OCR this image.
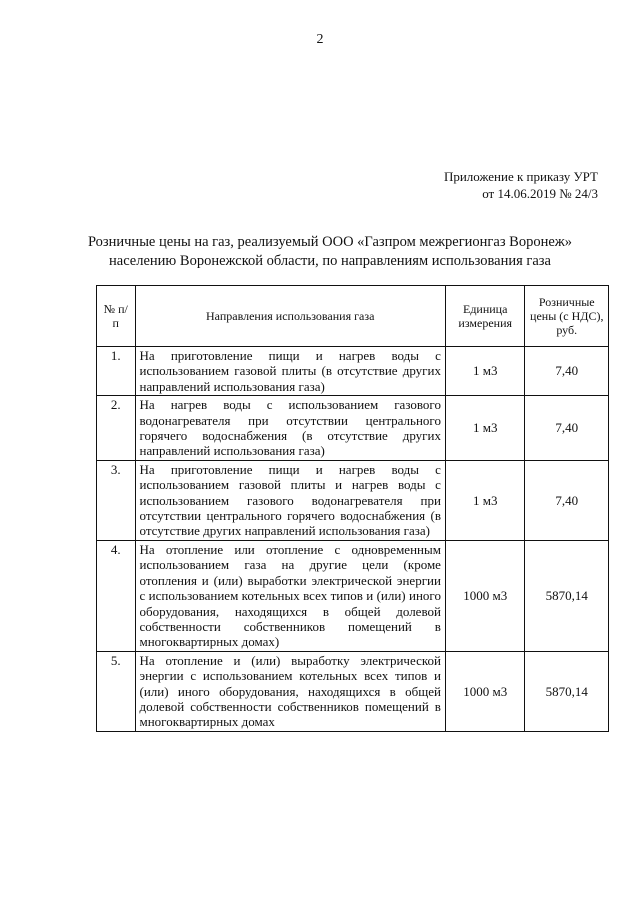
2
Приложение к приказу УРТ
от 14.06.2019 № 24/3
Розничные цены на газ, реализуемый ООО «Газпром межрегионгаз Воронеж»
населению Воронежской области, по направлениям использования газа
№ п/п	Направления использования газа	Единица измерения	Розничные цены (с НДС), руб.
1.	На приготовление пищи и нагрев воды с использованием газовой плиты (в отсутствие других направлений использования газа)	1 м3	7,40
2.	На нагрев воды с использованием газового водонагревателя при отсутствии центрального горячего водоснабжения (в отсутствие других направлений использования газа)	1 м3	7,40
3.	На приготовление пищи и нагрев воды с использованием газовой плиты и нагрев воды с использованием газового водонагревателя при отсутствии центрального горячего водоснабжения (в отсутствие других направлений использования газа)	1 м3	7,40
4.	На отопление или отопление с одновременным использованием газа на другие цели (кроме отопления и (или) выработки электрической энергии с использованием котельных всех типов и (или) иного оборудования, находящихся в общей долевой собственности собственников помещений в многоквартирных домах)	1000 м3	5870,14
5.	На отопление и (или) выработку электрической энергии с использованием котельных всех типов и (или) иного оборудования, находящихся в общей долевой собственности собственников помещений в многоквартирных домах	1000 м3	5870,14
